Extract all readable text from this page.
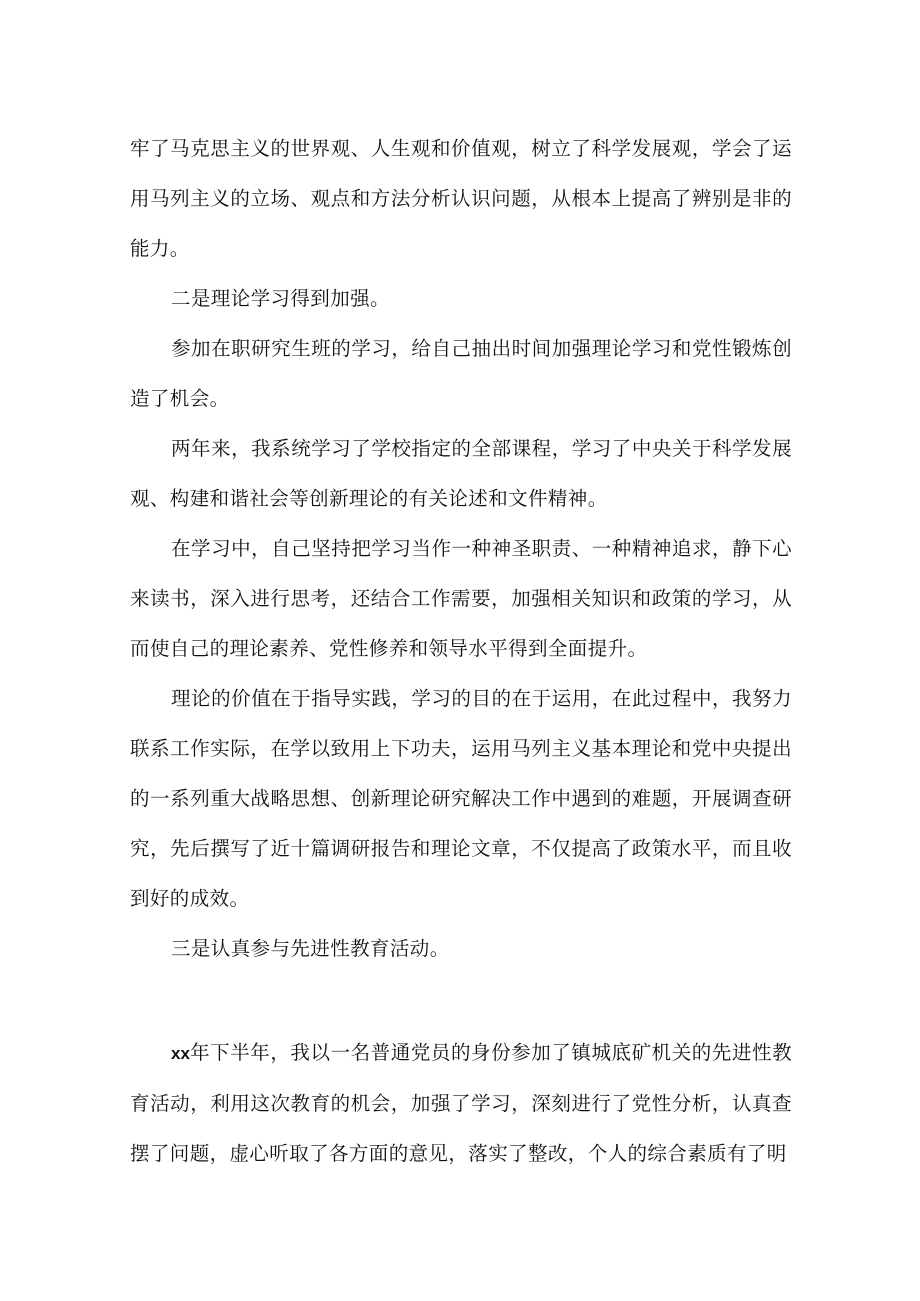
牢了马克思主义的世界观、人生观和价值观，树立了科学发展观，学会了运用马列主义的立场、观点和方法分析认识问题，从根本上提高了辨别是非的能力。

二是理论学习得到加强。

参加在职研究生班的学习，给自己抽出时间加强理论学习和党性锻炼创造了机会。

两年来，我系统学习了学校指定的全部课程，学习了中央关于科学发展观、构建和谐社会等创新理论的有关论述和文件精神。

在学习中，自己坚持把学习当作一种神圣职责、一种精神追求，静下心来读书，深入进行思考，还结合工作需要，加强相关知识和政策的学习，从而使自己的理论素养、党性修养和领导水平得到全面提升。

理论的价值在于指导实践，学习的目的在于运用，在此过程中，我努力联系工作实际，在学以致用上下功夫，运用马列主义基本理论和党中央提出的一系列重大战略思想、创新理论研究解决工作中遇到的难题，开展调查研究，先后撰写了近十篇调研报告和理论文章，不仅提高了政策水平，而且收到好的成效。

三是认真参与先进性教育活动。

xx年下半年，我以一名普通党员的身份参加了镇城底矿机关的先进性教育活动，利用这次教育的机会，加强了学习，深刻进行了党性分析，认真查摆了问题，虚心听取了各方面的意见，落实了整改，个人的综合素质有了明
